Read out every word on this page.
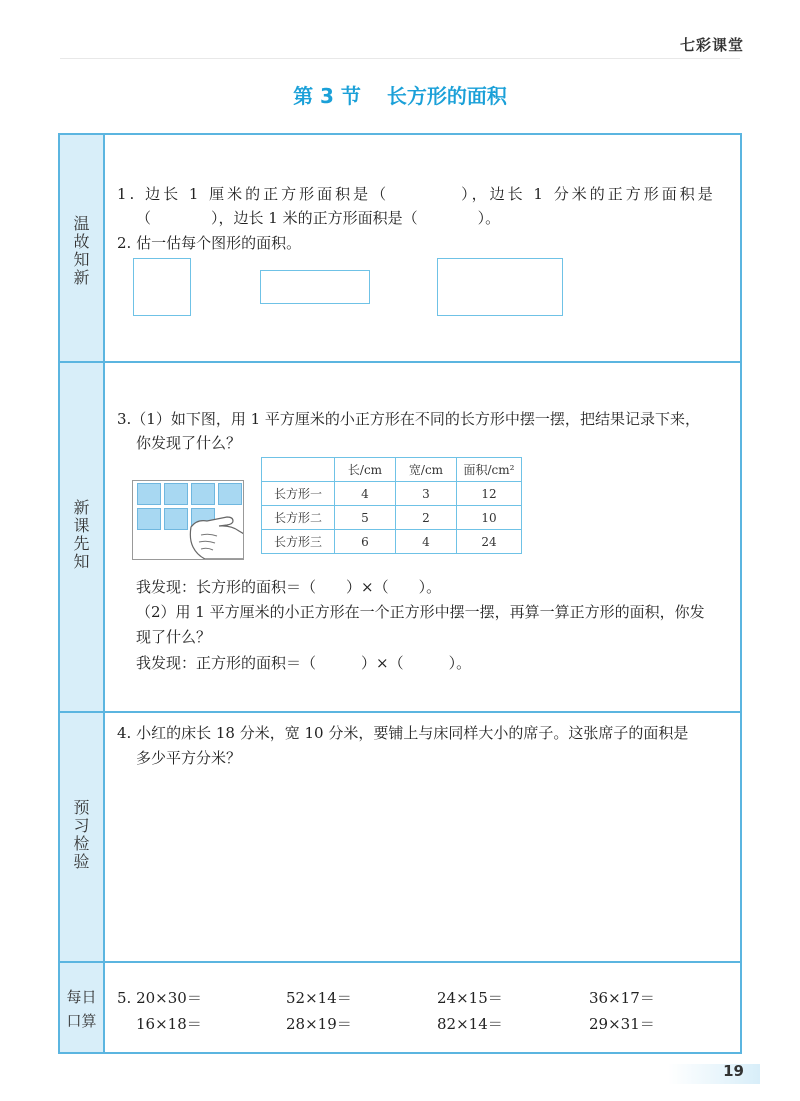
七彩课堂
第 3 节 长方形的面积
温
故
知
新
新
课
先
知
预
习
检
验
每日
口算
1. 边长 1 厘米的正方形面积是（　　　　），边长 1 分米的正方形面积是
（　　　　），边长 1 米的正方形面积是（　　　　）。
2. 估一估每个图形的面积。
3.（1）如下图，用 1 平方厘米的小正方形在不同的长方形中摆一摆，把结果记录下来，
你发现了什么？
	长/cm	宽/cm	面积/cm²
长方形一	4	3	12
长方形二	5	2	10
长方形三	6	4	24
我发现：长方形的面积＝（　　）×（　　）。
（2）用 1 平方厘米的小正方形在一个正方形中摆一摆，再算一算正方形的面积，你发
现了什么？
我发现：正方形的面积＝（　　　）×（　　　）。
4. 小红的床长 18 分米，宽 10 分米，要铺上与床同样大小的席子。这张席子的面积是
多少平方分米？
5. 20×30＝	52×14＝	24×15＝	36×17＝
16×18＝	28×19＝	82×14＝	29×31＝
19
